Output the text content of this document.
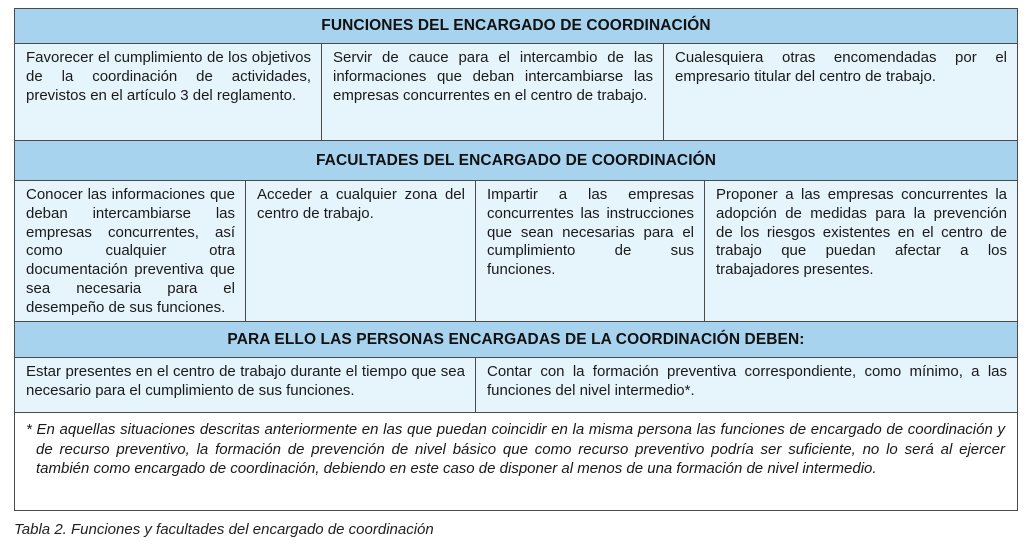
FUNCIONES DEL ENCARGADO DE COORDINACIÓN
Favorecer el cumplimiento de los objetivos de la coordinación de actividades, previstos en el artículo 3 del reglamento.
Servir de cauce para el intercambio de las informaciones que deban intercambiarse las empresas concurrentes en el centro de trabajo.
Cualesquiera otras encomendadas por el empresario titular del centro de trabajo.
FACULTADES DEL ENCARGADO DE COORDINACIÓN
Conocer las informaciones que deban intercambiarse las empresas concurrentes, así como cualquier otra documentación preventiva que sea necesaria para el desempeño de sus funciones.
Acceder a cualquier zona del centro de trabajo.
Impartir a las empresas concurrentes las instrucciones que sean necesarias para el cumplimiento de sus funciones.
Proponer a las empresas concurrentes la adopción de medidas para la prevención de los riesgos existentes en el centro de trabajo que puedan afectar a los trabajadores presentes.
PARA ELLO LAS PERSONAS ENCARGADAS DE LA COORDINACIÓN DEBEN:
Estar presentes en el centro de trabajo durante el tiempo que sea necesario para el cumplimiento de sus funciones.
Contar con la formación preventiva correspondiente, como mínimo, a las funciones del nivel intermedio*.
* En aquellas situaciones descritas anteriormente en las que puedan coincidir en la misma persona las funciones de encargado de coordinación y de recurso preventivo, la formación de prevención de nivel básico que como recurso preventivo podría ser suficiente, no lo será al ejercer también como encargado de coordinación, debiendo en este caso de disponer al menos de una formación de nivel intermedio.
Tabla 2. Funciones y facultades del encargado de coordinación
